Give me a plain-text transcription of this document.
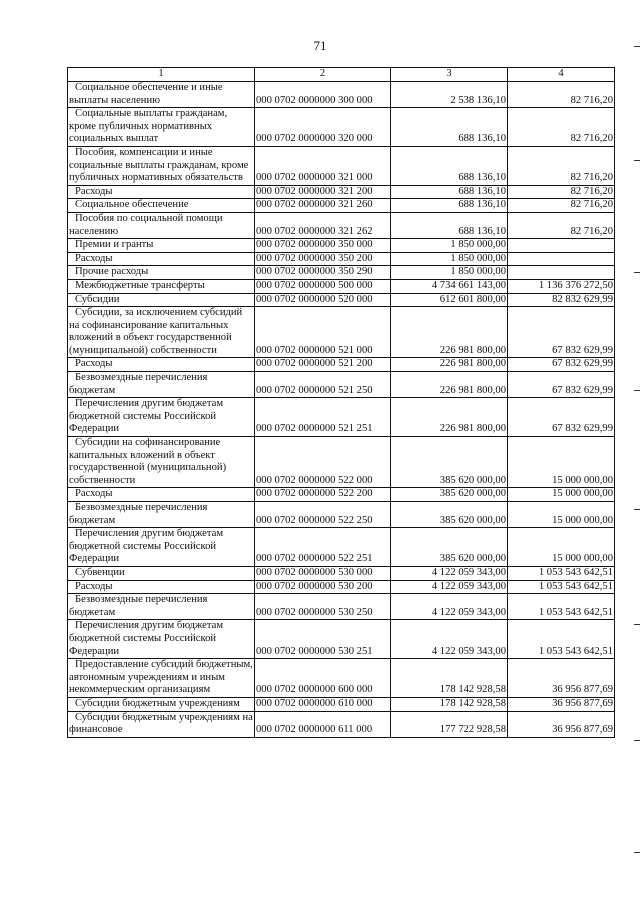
71
1	2	3	4
Социальное обеспечение и иные выплаты населению	000 0702 0000000 300 000	2 538 136,10	82 716,20
Социальные выплаты гражданам, кроме публичных нормативных социальных выплат	000 0702 0000000 320 000	688 136,10	82 716,20
Пособия, компенсации и иные социальные выплаты гражданам, кроме публичных нормативных обязательств	000 0702 0000000 321 000	688 136,10	82 716,20
Расходы	000 0702 0000000 321 200	688 136,10	82 716,20
Социальное обеспечение	000 0702 0000000 321 260	688 136,10	82 716,20
Пособия по социальной помощи населению	000 0702 0000000 321 262	688 136,10	82 716,20
Премии и гранты	000 0702 0000000 350 000	1 850 000,00	
Расходы	000 0702 0000000 350 200	1 850 000,00	
Прочие расходы	000 0702 0000000 350 290	1 850 000,00	
Межбюджетные трансферты	000 0702 0000000 500 000	4 734 661 143,00	1 136 376 272,50
Субсидии	000 0702 0000000 520 000	612 601 800,00	82 832 629,99
Субсидии, за исключением субсидий на софинансирование капитальных вложений в объект государственной (муниципальной) собственности	000 0702 0000000 521 000	226 981 800,00	67 832 629,99
Расходы	000 0702 0000000 521 200	226 981 800,00	67 832 629,99
Безвозмездные перечисления бюджетам	000 0702 0000000 521 250	226 981 800,00	67 832 629,99
Перечисления другим бюджетам бюджетной системы Российской Федерации	000 0702 0000000 521 251	226 981 800,00	67 832 629,99
Субсидии на софинансирование капитальных вложений в объект государственной (муниципальной) собственности	000 0702 0000000 522 000	385 620 000,00	15 000 000,00
Расходы	000 0702 0000000 522 200	385 620 000,00	15 000 000,00
Безвозмездные перечисления бюджетам	000 0702 0000000 522 250	385 620 000,00	15 000 000,00
Перечисления другим бюджетам бюджетной системы Российской Федерации	000 0702 0000000 522 251	385 620 000,00	15 000 000,00
Субвенции	000 0702 0000000 530 000	4 122 059 343,00	1 053 543 642,51
Расходы	000 0702 0000000 530 200	4 122 059 343,00	1 053 543 642,51
Безвозмездные перечисления бюджетам	000 0702 0000000 530 250	4 122 059 343,00	1 053 543 642,51
Перечисления другим бюджетам бюджетной системы Российской Федерации	000 0702 0000000 530 251	4 122 059 343,00	1 053 543 642,51
Предоставление субсидий бюджетным, автономным учреждениям и иным некоммерческим организациям	000 0702 0000000 600 000	178 142 928,58	36 956 877,69
Субсидии бюджетным учреждениям	000 0702 0000000 610 000	178 142 928,58	36 956 877,69
Субсидии бюджетным учреждениям на финансовое	000 0702 0000000 611 000	177 722 928,58	36 956 877,69
